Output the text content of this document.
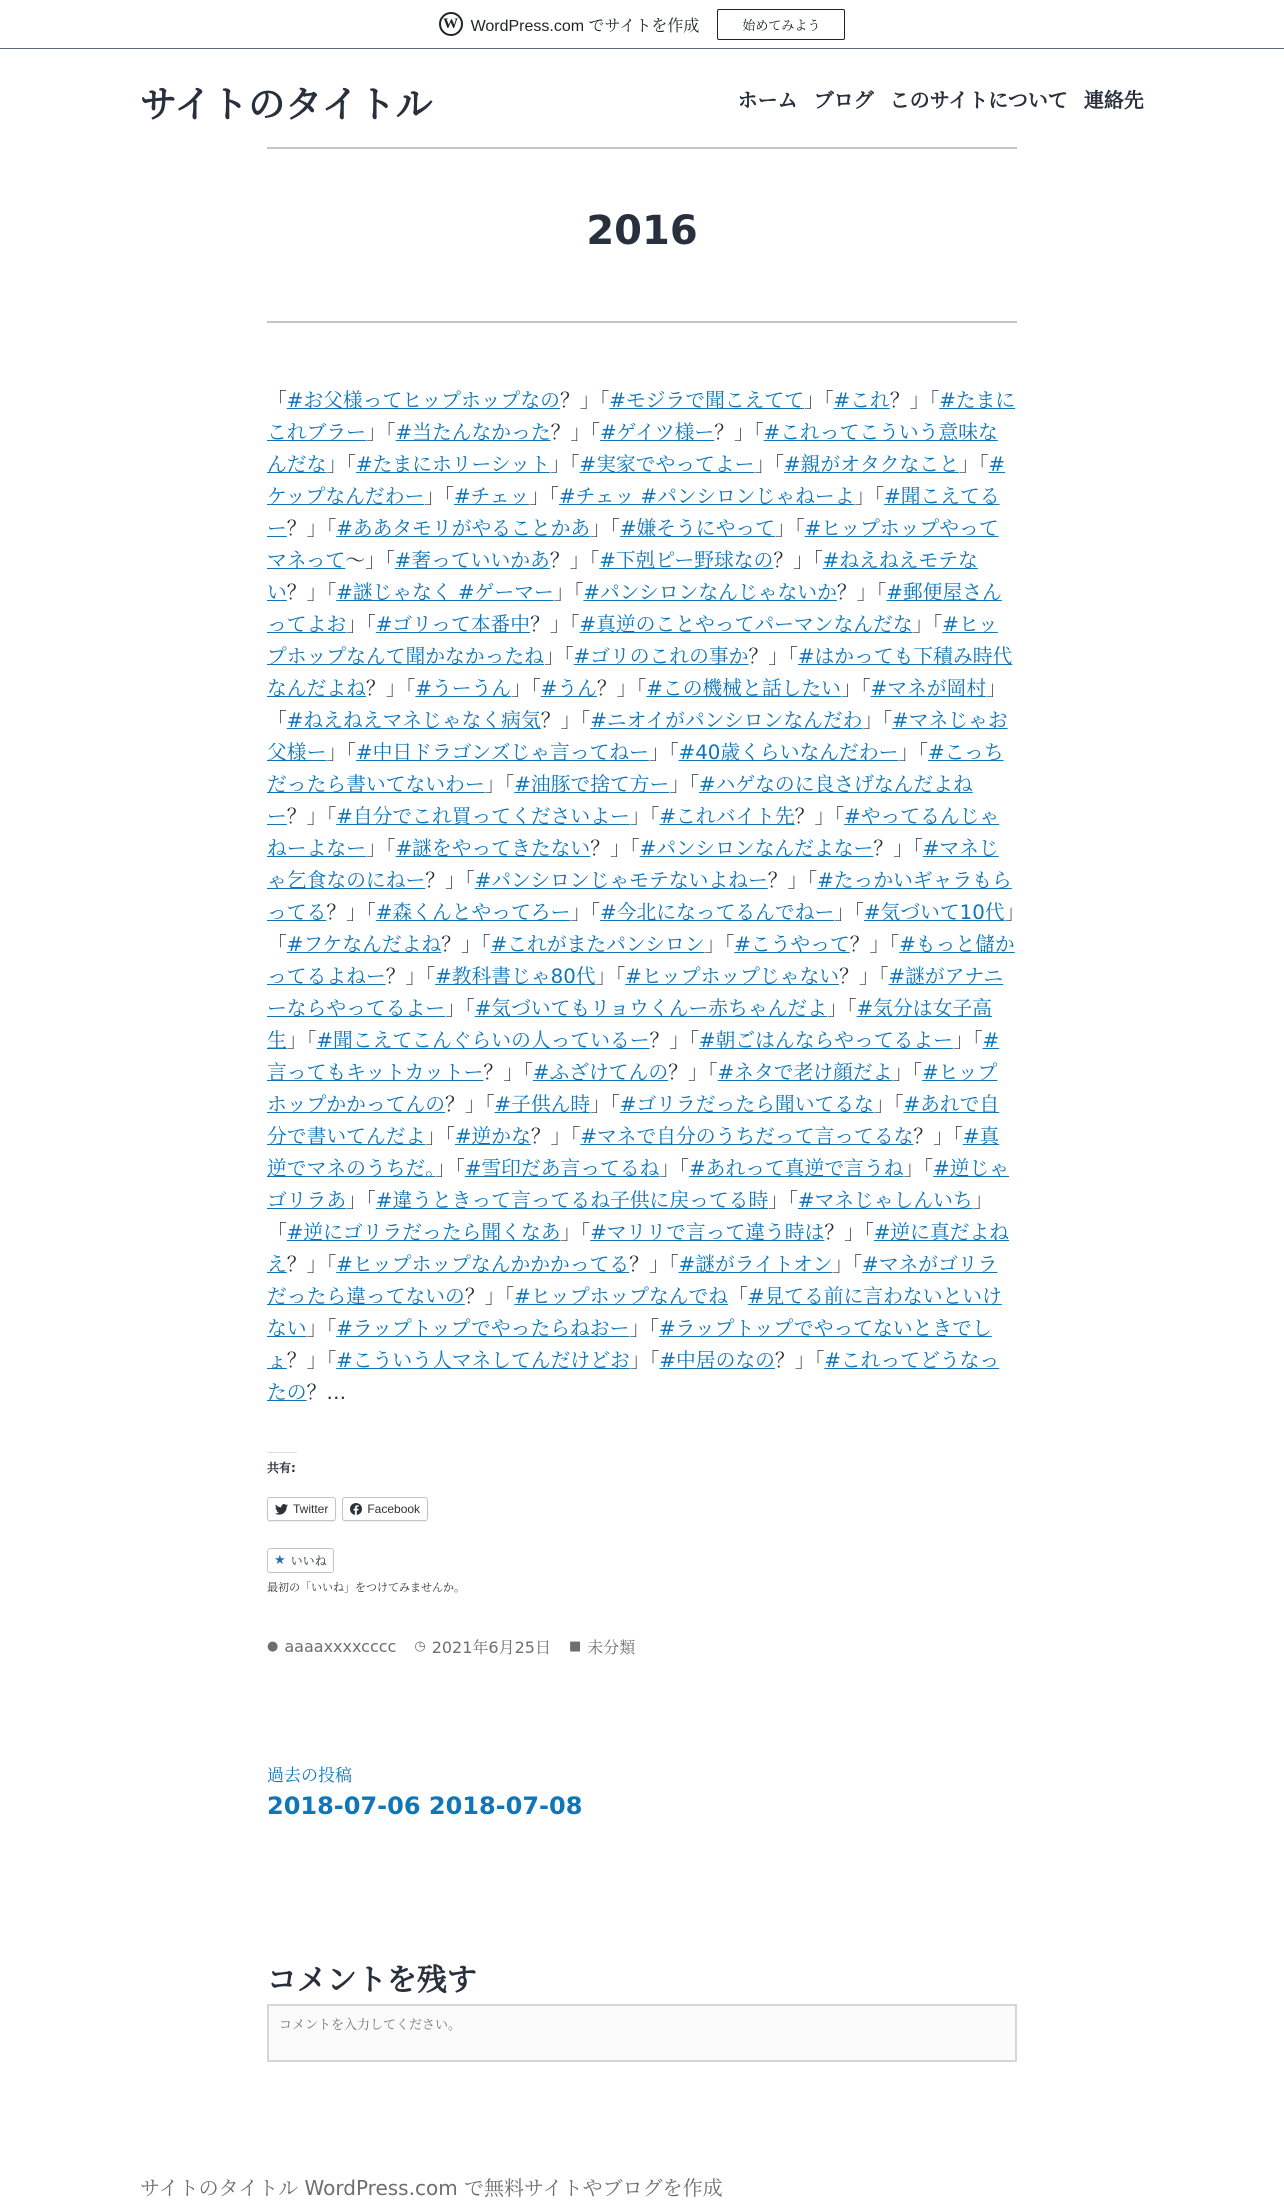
W WordPress.com でサイトを作成	始めてみよう
サイトのタイトル	ホーム ブログ このサイトについて 連絡先
2016
「#お父様ってヒップホップなの？」「#モジラで聞こえてて」「#これ？」「#たまにこれブラー」「#当たんなかった？」「#ゲイツ様ー？」「#これってこういう意味なんだな」「#たまにホリーシット」「#実家でやってよー」「#親がオタクなこと」「#ケップなんだわー」「#チェッ」「#チェッ #パンシロンじゃねーよ」「#聞こえてるー？」「#ああタモリがやることかあ」「#嫌そうにやって」「#ヒップホップやってマネって～」「#奢っていいかあ？」「#下剋ピー野球なの？」「#ねえねえモテない？」「#謎じゃなく #ゲーマー」「#パンシロンなんじゃないか？」「#郵便屋さんってよお」「#ゴリって本番中？」「#真逆のことやってパーマンなんだな」「#ヒップホップなんて聞かなかったね」「#ゴリのこれの事か？」「#はかっても下積み時代なんだよね？」「#うーうん」「#うん？」「#この機械と話したい」「#マネが岡村」「#ねえねえマネじゃなく病気？」「#ニオイがパンシロンなんだわ」「#マネじゃお父様ー」「#中日ドラゴンズじゃ言ってねー」「#40歳くらいなんだわー」「#こっちだったら書いてないわー」「#油豚で捨て方ー」「#ハゲなのに良さげなんだよねー？」「#自分でこれ買ってくださいよー」「#これバイト先？」「#やってるんじゃねーよなー」「#謎をやってきたない？」「#パンシロンなんだよなー？」「#マネじゃ乞食なのにねー？」「#パンシロンじゃモテないよねー？」「#たっかいギャラもらってる？」「#森くんとやってろー」「#今北になってるんでねー」「#気づいて10代」「#フケなんだよね？」「#これがまたパンシロン」「#こうやって？」「#もっと儲かってるよねー？」「#教科書じゃ80代」「#ヒップホップじゃない？」「#謎がアナニーならやってるよー」「#気づいてもリョウくんー赤ちゃんだよ」「#気分は女子高生」「#聞こえてこんぐらいの人っているー？」「#朝ごはんならやってるよー」「#言ってもキットカットー？」「#ふざけてんの？」「#ネタで老け顔だよ」「#ヒップホップかかってんの？」「#子供ん時」「#ゴリラだったら聞いてるな」「#あれで自分で書いてんだよ」「#逆かな？」「#マネで自分のうちだって言ってるな？」「#真逆でマネのうちだ。」「#雪印だあ言ってるね」「#あれって真逆で言うね」「#逆じゃゴリラあ」「#違うときって言ってるね子供に戻ってる時」「#マネじゃしんいち」「#逆にゴリラだったら聞くなあ」「#マリリで言って違う時は？」「#逆に真だよねえ？」「#ヒップホップなんかかかってる？」「#謎がライトオン」「#マネがゴリラだったら違ってないの？」「#ヒップホップなんでね「#見てる前に言わないといけない」「#ラップトップでやったらねおー」「#ラップトップでやってないときでしょ？」「#こういう人マネしてんだけどお」「#中居のなの？」「#これってどうなったの？…
共有:
Twitter	Facebook
★ いいね
最初の「いいね」をつけてみませんか。
● aaaaxxxxcccc ◷ 2021年6月25日 ■ 未分類
過去の投稿
2018-07-06 2018-07-08
コメントを残す
コメントを入力してください。
サイトのタイトル WordPress.com で無料サイトやブログを作成
